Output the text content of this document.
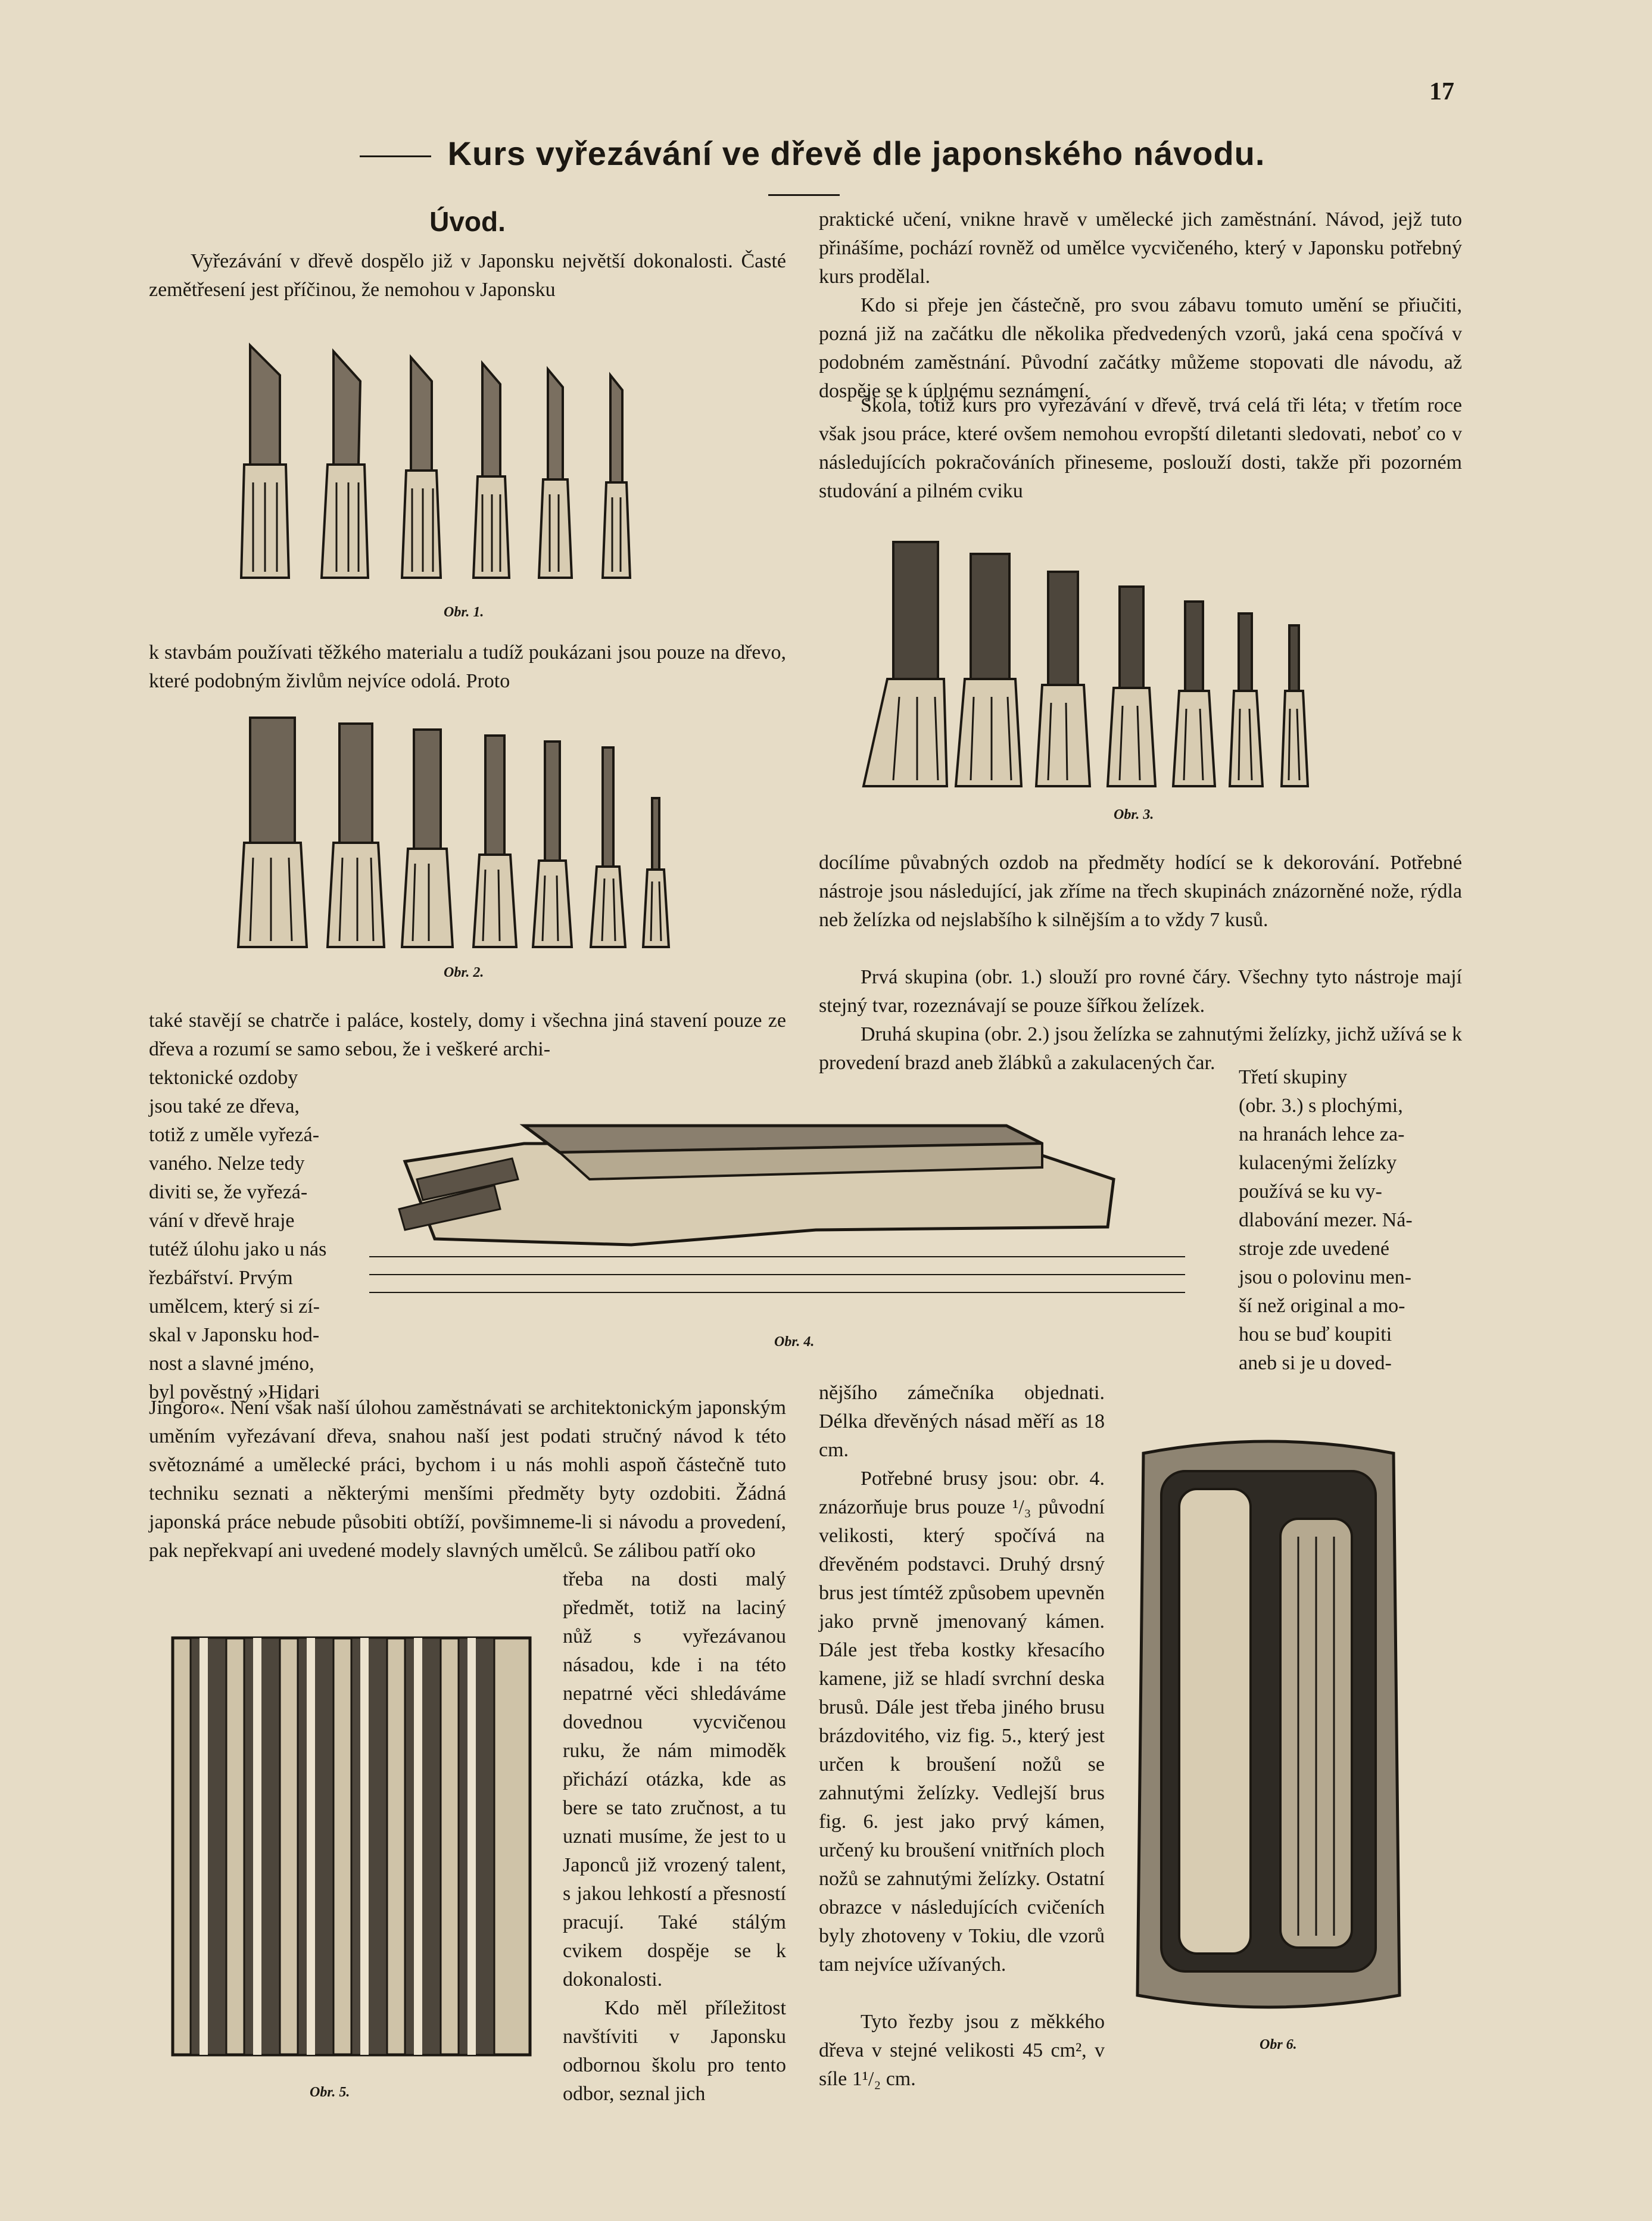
17
Kurs vyřezávání ve dřevě dle japonského návodu.
Úvod.

Vyřezávání v dřevě dospělo již v Japonsku největší dokonalosti. Časté zemětřesení jest příčinou, že nemohou v Japonsku

Obr. 1.

k stavbám používati těžkého materialu a tudíž poukázani jsou pouze na dřevo, které podobným živlům nejvíce odolá. Proto

Obr. 2.

také stavějí se chatrče i paláce, kostely, domy i všechna jiná stavení pouze ze dřeva a rozumí se samo sebou, že i veškeré archi-

tektonické ozdoby
jsou také ze dřeva,
totiž z uměle vyřezá-
vaného. Nelze tedy
diviti se, že vyřezá-
vání v dřevě hraje
tutéž úlohu jako u nás
řezbářství. Prvým
umělcem, který si zí-
skal v Japonsku hod-
nost a slavné jméno,
byl pověstný »Hidari
Obr. 4.

Jingoro«. Není však naší úlohou zaměstnávati se architektonickým japonským uměním vyřezávaní dřeva, snahou naší jest podati stručný návod k této světoznámé a umělecké práci, bychom i u nás mohli aspoň částečně tuto techniku seznati a některými menšími předměty byty ozdobiti. Žádná japonská práce nebude působiti obtíží, povšimneme-li si návodu a provedení, pak nepřekvapí ani uvedené modely slavných umělců. Se zálibou patří oko

Obr. 5.

třeba na dosti malý předmět, totiž na laciný nůž s vyřezávanou násadou, kde i na této nepatrné věci shledáváme dovednou vycvičenou ruku, že nám mimoděk přichází otázka, kde as bere se tato zručnost, a tu uznati musíme, že jest to u Japonců již vrozený talent, s jakou lehkostí a přesností pracují. Také stálým cvikem dospěje se k dokonalosti.

Kdo měl příležitost navštíviti v Japonsku odbornou školu pro tento odbor, seznal jich

praktické učení, vnikne hravě v umělecké jich zaměstnání. Návod, jejž tuto přinášíme, pochází rovněž od umělce vycvičeného, který v Japonsku potřebný kurs prodělal.

Kdo si přeje jen částečně, pro svou zábavu tomuto umění se přiučiti, pozná již na začátku dle několika předvedených vzorů, jaká cena spočívá v podobném zaměstnání. Původní začátky můžeme stopovati dle návodu, až dospěje se k úplnému seznámení.

Škola, totiž kurs pro vyřezávání v dřevě, trvá celá tři léta; v třetím roce však jsou práce, které ovšem nemohou evropští diletanti sledovati, neboť co v následujících pokračováních přineseme, poslouží dosti, takže při pozorném studování a pilném cviku

Obr. 3.

docílíme půvabných ozdob na předměty hodící se k dekorování. Potřebné nástroje jsou následující, jak zříme na třech skupinách znázorněné nože, rýdla neb želízka od nejslabšího k silnějším a to vždy 7 kusů.

Prvá skupina (obr. 1.) slouží pro rovné čáry. Všechny tyto nástroje mají stejný tvar, rozeznávají se pouze šířkou želízek.

Druhá skupina (obr. 2.) jsou želízka se zahnutými želízky, jichž užívá se k provedení brazd aneb žlábků a zakulacených čar.

Třetí skupiny
(obr. 3.) s plochými,
na hranách lehce za-
kulacenými želízky
používá se ku vy-
dlabování mezer. Ná-
stroje zde uvedené
jsou o polovinu men-
ší než original a mo-
hou se buď koupiti
aneb si je u doved-

nějšího zámečníka objednati. Délka dřevěných násad měří as 18 cm.

Potřebné brusy jsou: obr. 4. znázorňuje brus pouze ¹/₃ původní velikosti, který spočívá na dřevěném podstavci. Druhý drsný brus jest tímtéž způsobem upevněn jako prvně jmenovaný kámen. Dále jest třeba kostky křesacího kamene, již se hladí svrchní deska brusů. Dále jest třeba jiného brusu brázdovitého, viz fig. 5., který jest určen k broušení nožů se zahnutými želízky. Vedlejší brus fig. 6. jest jako prvý kámen, určený ku broušení vnitřních ploch nožů se zahnutými želízky. Ostatní obrazce v následujících cvičeních byly zhotoveny v Tokiu, dle vzorů tam nejvíce užívaných.

Tyto řezby jsou z měkkého dřeva v stejné velikosti 45 cm², v síle 1¹/₂ cm.

Obr 6.
